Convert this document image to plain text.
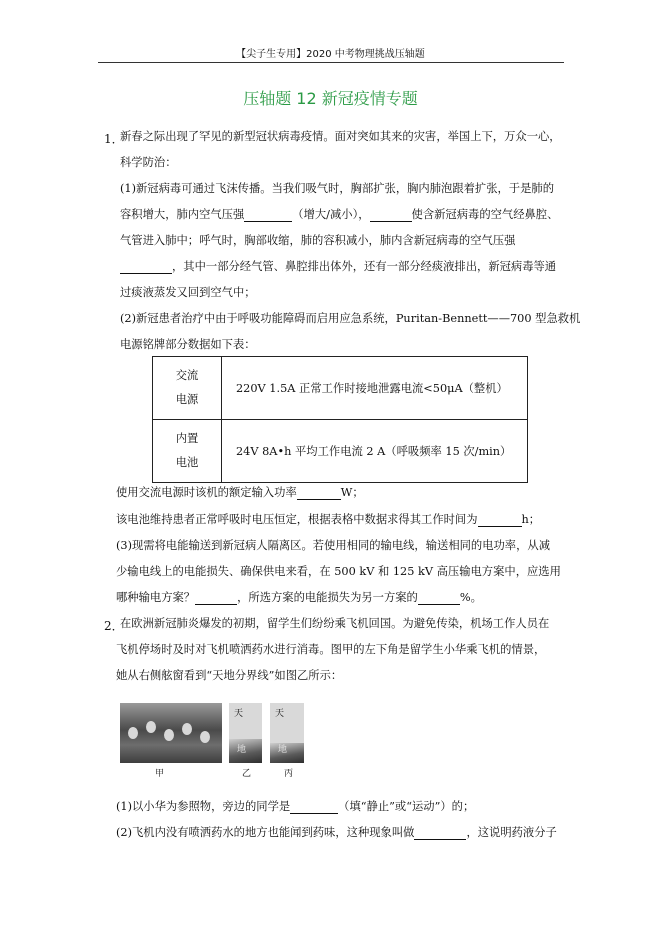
【尖子生专用】2020 中考物理挑战压轴题
压轴题 12 新冠疫情专题
1．
新春之际出现了罕见的新型冠状病毒疫情。面对突如其来的灾害，举国上下，万众一心，
科学防治：
(1)新冠病毒可通过飞沫传播。当我们吸气时，胸部扩张，胸内肺泡跟着扩张，于是肺的
容积增大，肺内空气压强	（增大/减小），	使含新冠病毒的空气经鼻腔、
气管进入肺中；呼气时，胸部收缩，肺的容积减小，肺内含新冠病毒的空气压强
，其中一部分经气管、鼻腔排出体外，还有一部分经痰液排出，新冠病毒等通
过痰液蒸发又回到空气中；
(2)新冠患者治疗中由于呼吸功能障碍而启用应急系统，Puritan-Bennett——700 型急救机
电源铭牌部分数据如下表：
交流
电源	220V 1.5A 正常工作时接地泄露电流<50μA（整机）
内置
电池	24V 8A•h 平均工作电流 2 A（呼吸频率 15 次/min）
使用交流电源时该机的额定输入功率	W；
该电池维持患者正常呼吸时电压恒定，根据表格中数据求得其工作时间为	h；
(3)现需将电能输送到新冠病人隔离区。若使用相同的输电线，输送相同的电功率，从减
少输电线上的电能损失、确保供电来看，在 500 kV 和 125 kV 高压输电方案中，应选用
哪种输电方案？	，所选方案的电能损失为另一方案的	%。
2．
在欧洲新冠肺炎爆发的初期，留学生们纷纷乘飞机回国。为避免传染，机场工作人员在
飞机停场时及时对飞机喷洒药水进行消毒。图甲的左下角是留学生小华乘飞机的情景，
她从右侧舷窗看到“天地分界线”如图乙所示：
天
地
天
地
甲	乙	丙
(1)以小华为参照物，旁边的同学是	（填“静止”或“运动”）的；
(2)飞机内没有喷洒药水的地方也能闻到药味，这种现象叫做	，这说明药液分子
